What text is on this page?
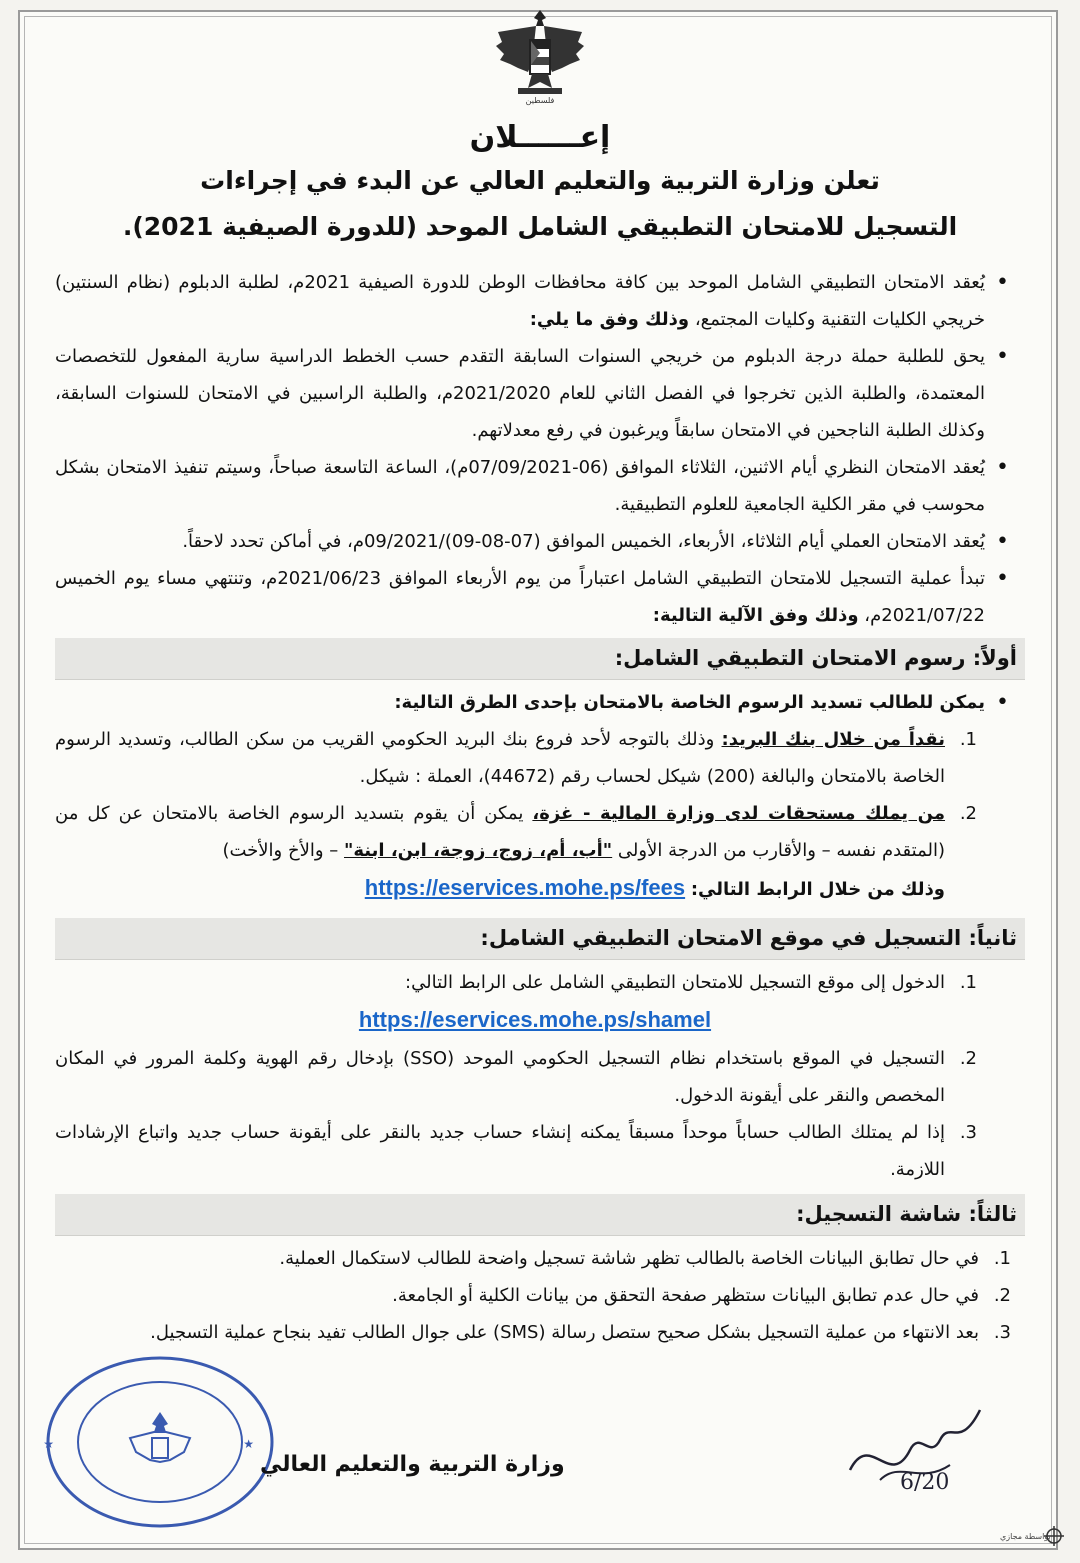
فلسطين
إعــــــلان
تعلن وزارة التربية والتعليم العالي عن البدء في إجراءات
التسجيل للامتحان التطبيقي الشامل الموحد (للدورة الصيفية 2021).
• يُعقد الامتحان التطبيقي الشامل الموحد بين كافة محافظات الوطن للدورة الصيفية 2021م، لطلبة الدبلوم (نظام السنتين) خريجي الكليات التقنية وكليات المجتمع، وذلك وفق ما يلي:
• يحق للطلبة حملة درجة الدبلوم من خريجي السنوات السابقة التقدم حسب الخطط الدراسية سارية المفعول للتخصصات المعتمدة، والطلبة الذين تخرجوا في الفصل الثاني للعام 2021/2020م، والطلبة الراسبين في الامتحان للسنوات السابقة، وكذلك الطلبة الناجحين في الامتحان سابقاً ويرغبون في رفع معدلاتهم.
• يُعقد الامتحان النظري أيام الاثنين، الثلاثاء الموافق (06-07/09/2021م)، الساعة التاسعة صباحاً، وسيتم تنفيذ الامتحان بشكل محوسب في مقر الكلية الجامعية للعلوم التطبيقية.
• يُعقد الامتحان العملي أيام الثلاثاء، الأربعاء، الخميس الموافق (07-08-09)/09/2021م، في أماكن تحدد لاحقاً.
• تبدأ عملية التسجيل للامتحان التطبيقي الشامل اعتباراً من يوم الأربعاء الموافق 2021/06/23م، وتنتهي مساء يوم الخميس 2021/07/22م، وذلك وفق الآلية التالية:
أولاً: رسوم الامتحان التطبيقي الشامل:
• يمكن للطالب تسديد الرسوم الخاصة بالامتحان بإحدى الطرق التالية:
1.
نقداً من خلال بنك البريد: وذلك بالتوجه لأحد فروع بنك البريد الحكومي القريب من سكن الطالب، وتسديد الرسوم الخاصة بالامتحان والبالغة (200) شيكل لحساب رقم (44672)، العملة : شيكل.
2.
من يملك مستحقات لدى وزارة المالية - غزة، يمكن أن يقوم بتسديد الرسوم الخاصة بالامتحان عن كل من (المتقدم نفسه – والأقارب من الدرجة الأولى "أب، أم، زوج، زوجة، ابن، ابنة" – والأخ والأخت)
وذلك من خلال الرابط التالي: https://eservices.mohe.ps/fees
ثانياً: التسجيل في موقع الامتحان التطبيقي الشامل:
1.
الدخول إلى موقع التسجيل للامتحان التطبيقي الشامل على الرابط التالي:
https://eservices.mohe.ps/shamel
2.
التسجيل في الموقع باستخدام نظام التسجيل الحكومي الموحد (SSO) بإدخال رقم الهوية وكلمة المرور في المكان المخصص والنقر على أيقونة الدخول.
3.
إذا لم يمتلك الطالب حساباً موحداً مسبقاً يمكنه إنشاء حساب جديد بالنقر على أيقونة حساب جديد واتباع الإرشادات اللازمة.
ثالثاً: شاشة التسجيل:
1.
في حال تطابق البيانات الخاصة بالطالب تظهر شاشة تسجيل واضحة للطالب لاستكمال العملية.
2.
في حال عدم تطابق البيانات ستظهر صفحة التحقق من بيانات الكلية أو الجامعة.
3.
بعد الانتهاء من عملية التسجيل بشكل صحيح ستصل رسالة (SMS) على جوال الطالب تفيد بنجاح عملية التسجيل.
★	★
6/20
وزارة التربية والتعليم العالي
بواسطة مجازي
